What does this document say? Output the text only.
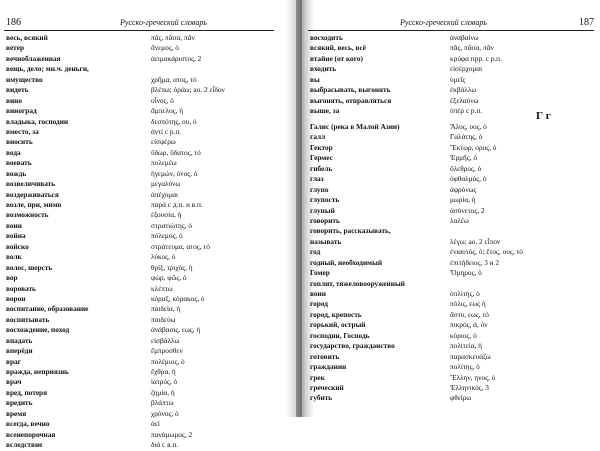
186	Русско-греческий словарь
весь, всякий	πᾶς, πᾶσα, πᾶν
ветер	ἄνεμος, ὁ
вечноблаженная	ἀειμακάριστος, 2
вещь, дело; мн.ч. деньги,
имущество	χρῆμα, ατος, τό
видеть	βλέπω; ὁράω; ао. 2 εἶδον
вино	οἶνος, ὁ
виноград	ἄμπελος, ἡ
владыка, господин	δεσπότης, ου, ὁ
вместо, за	ἀντί с р.п.
вносить	εἰσφέρω
вода	ὕδωρ, ὕδατος, τό
воевать	πολεμέω
вождь	ἡγεμών, όνος, ὁ
возвеличивать	μεγαλύνω
воздерживаться	ἀπέχομαι
возле, при, мимо	παρά с д.п. и в.п.
возможность	ἐξουσία, ἡ
воин	στρατιώτης, ὁ
война	πόλεμος, ὁ
войско	στράτευμα, ατος, τό
волк	λύκος, ὁ
волос, шерсть	θρίξ, τριχός, ἡ
вор	φώρ, φῶς, ὁ
воровать	κλέπτω
ворон	κόραξ, κόρακος, ὁ
воспитание, образование	παιδεία, ἡ
воспитывать	παιδεύω
восхождение, поход	ἀνάβασις, εως, ἡ
впадать	εἰσβάλλω
вперёди	ἔμπροσθεν
враг	πολέμιος, ὁ
вражда, неприязнь	ἔχθρα, ἡ
врач	ἰατρός, ὁ
вред, потеря	ζημία, ἡ
вредить	βλάπτω
время	χρόνος, ὁ
всегда, вечно	ἀεί
всенепорочная	πανάμωμος, 2
вследствие	διά с в.п.
Русско-греческий словарь	187
восходить	ἀναβαίνω
всякий, весь, всё	πᾶς, πᾶσα, πᾶν
втайне (от кого)	κρύφα прр. с р.п.
входить	εἰσέρχομαι
вы	ὑμεῖς
выбрасывать, выгонять	ἐκβάλλω
выгонять, отправляться	ἐξελαύνω
выше, за	ὑπέρ с р.п.	Г г
Галис (река в Малой Азии)	Ἅλυς, υος, ὁ
галл	Γαλάτης, ὁ
Гектор	Ἕκτωρ, ορος, ὁ
Гермес	Ἑρμῆς, ὁ
гибель	ὄλεθρος, ὁ
глаз	ὀφθαλμός, ὁ
глупо	ἀφρόνως
глупость	μωρία, ἡ
глупый	ἀσύνετος, 2
говорить	λαλέω
говорить, рассказывать,
называть	λέγω; ао. 2 εἶπον
год	ἐνιαυτός, ὁ; ἔτος, ους, τό
годный, необходимый	ἐπιτήδειος, 3 и 2
Гомер	Ὅμηρος, ὁ
гоплит, тяжеловооруженный
воин	ὁπλίτης, ὁ
город	πόλις, εως ἡ
город, крепость	ἄστυ, εως, τό
горький, острый	πικρός, ά, όν
господин, Господь	κύριος, ὁ
государство, гражданство	πολιτεία, ἡ
готовить	παρασκευάζω
гражданин	πολίτης, ὁ
грек	Ἕλλην, ηνος, ὁ
греческий	Ἑλληνικός, 3
губить	φθείρω
